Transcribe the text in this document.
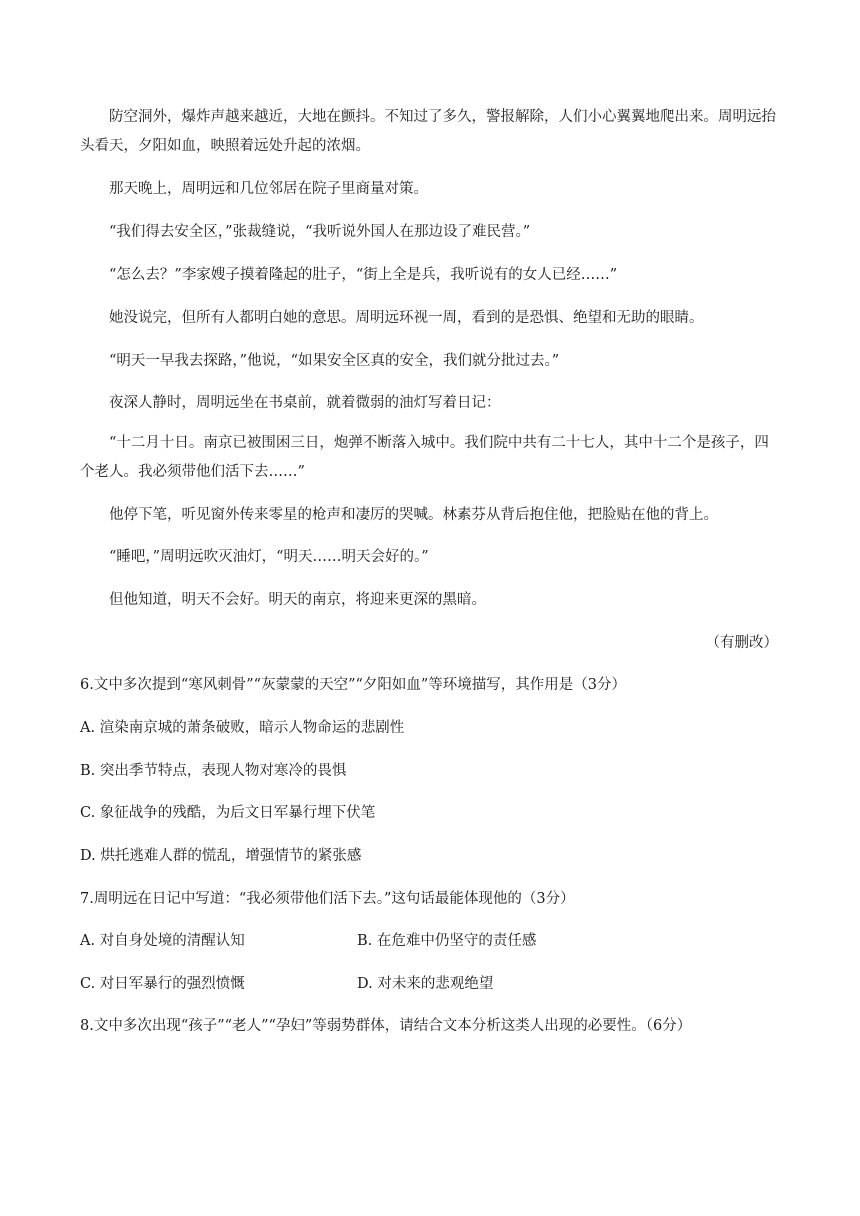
防空洞外，爆炸声越来越近，大地在颤抖。不知过了多久，警报解除，人们小心翼翼地爬出来。周明远抬头看天，夕阳如血，映照着远处升起的浓烟。

那天晚上，周明远和几位邻居在院子里商量对策。

“我们得去安全区，”张裁缝说，“我听说外国人在那边设了难民营。”

“怎么去？”李家嫂子摸着隆起的肚子，“街上全是兵，我听说有的女人已经……”

她没说完，但所有人都明白她的意思。周明远环视一周，看到的是恐惧、绝望和无助的眼睛。

“明天一早我去探路，”他说，“如果安全区真的安全，我们就分批过去。”

夜深人静时，周明远坐在书桌前，就着微弱的油灯写着日记：

“十二月十日。南京已被围困三日，炮弹不断落入城中。我们院中共有二十七人，其中十二个是孩子，四个老人。我必须带他们活下去……”

他停下笔，听见窗外传来零星的枪声和凄厉的哭喊。林素芬从背后抱住他，把脸贴在他的背上。

“睡吧，”周明远吹灭油灯，“明天……明天会好的。”

但他知道，明天不会好。明天的南京，将迎来更深的黑暗。

（有删改）

6.文中多次提到“寒风刺骨”“灰蒙蒙的天空”“夕阳如血”等环境描写，其作用是（3分）

A. 渲染南京城的萧条破败，暗示人物命运的悲剧性

B. 突出季节特点，表现人物对寒冷的畏惧

C. 象征战争的残酷，为后文日军暴行埋下伏笔

D. 烘托逃难人群的慌乱，增强情节的紧张感

7.周明远在日记中写道：“我必须带他们活下去。”这句话最能体现他的（3分）

A. 对自身处境的清醒认知	B. 在危难中仍坚守的责任感

C. 对日军暴行的强烈愤慨	D. 对未来的悲观绝望

8.文中多次出现“孩子”“老人”“孕妇”等弱势群体，请结合文本分析这类人出现的必要性。（6分）
